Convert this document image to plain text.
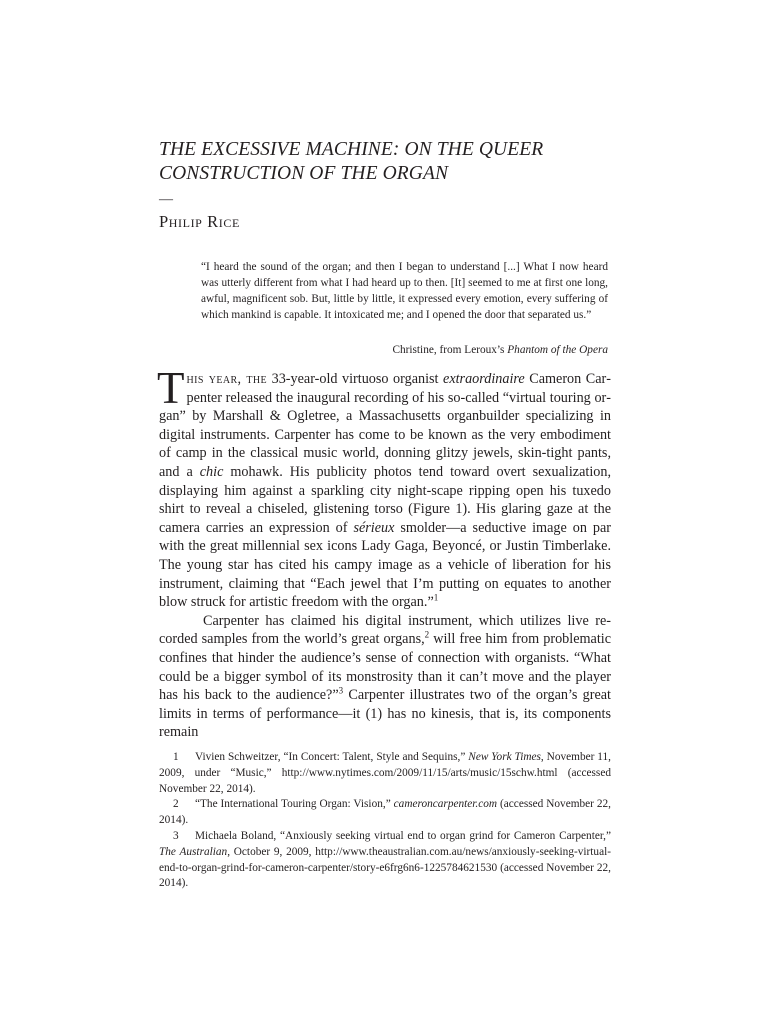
THE EXCESSIVE MACHINE: ON THE QUEER CONSTRUCTION OF THE ORGAN
—
Philip Rice

“I heard the sound of the organ; and then I began to understand [...] What I now heard was utterly different from what I had heard up to then. [It] seemed to me at first one long, awful, magnificent sob. But, little by little, it expressed every emotion, every suffering of which mankind is capable. It intoxicated me; and I opened the door that separated us.”

Christine, from Leroux’s Phantom of the Opera

This year, the 33-year-old virtuoso organist extraordinaire Cameron Carpenter released the inaugural recording of his so-called “virtual touring organ” by Marshall & Ogletree, a Massachusetts organbuilder specializing in digital instruments. Carpenter has come to be known as the very embodiment of camp in the classical music world, donning glitzy jewels, skin-tight pants, and a chic mohawk. His publicity photos tend toward overt sexualization, displaying him against a sparkling city night-scape ripping open his tuxedo shirt to reveal a chiseled, glistening torso (Figure 1). His glaring gaze at the camera carries an expression of sérieux smolder—a seductive image on par with the great millennial sex icons Lady Gaga, Beyoncé, or Justin Timberlake. The young star has cited his campy image as a vehicle of liberation for his instrument, claiming that “Each jewel that I’m putting on equates to another blow struck for artistic freedom with the organ.”$^1$

Carpenter has claimed his digital instrument, which utilizes live recorded samples from the world’s great organs,$^2$ will free him from problematic confines that hinder the audience’s sense of connection with organists. “What could be a bigger symbol of its monstrosity than it can’t move and the player has his back to the audience?”$^3$ Carpenter illustrates two of the organ’s great limits in terms of performance—it (1) has no kinesis, that is, its components remain

1 Vivien Schweitzer, “In Concert: Talent, Style and Sequins,” New York Times, November 11, 2009, under “Music,” http://www.nytimes.com/2009/11/15/arts/music/15schw.html (accessed November 22, 2014).

2 “The International Touring Organ: Vision,” cameroncarpenter.com (accessed November 22, 2014).

3 Michaela Boland, “Anxiously seeking virtual end to organ grind for Cameron Carpenter,” The Australian, October 9, 2009, http://www.theaustralian.com.au/news/anxiously-seeking-virtual-end-to-organ-grind-for-cameron-carpenter/story-e6frg6n6-1225784621530 (accessed November 22, 2014).
